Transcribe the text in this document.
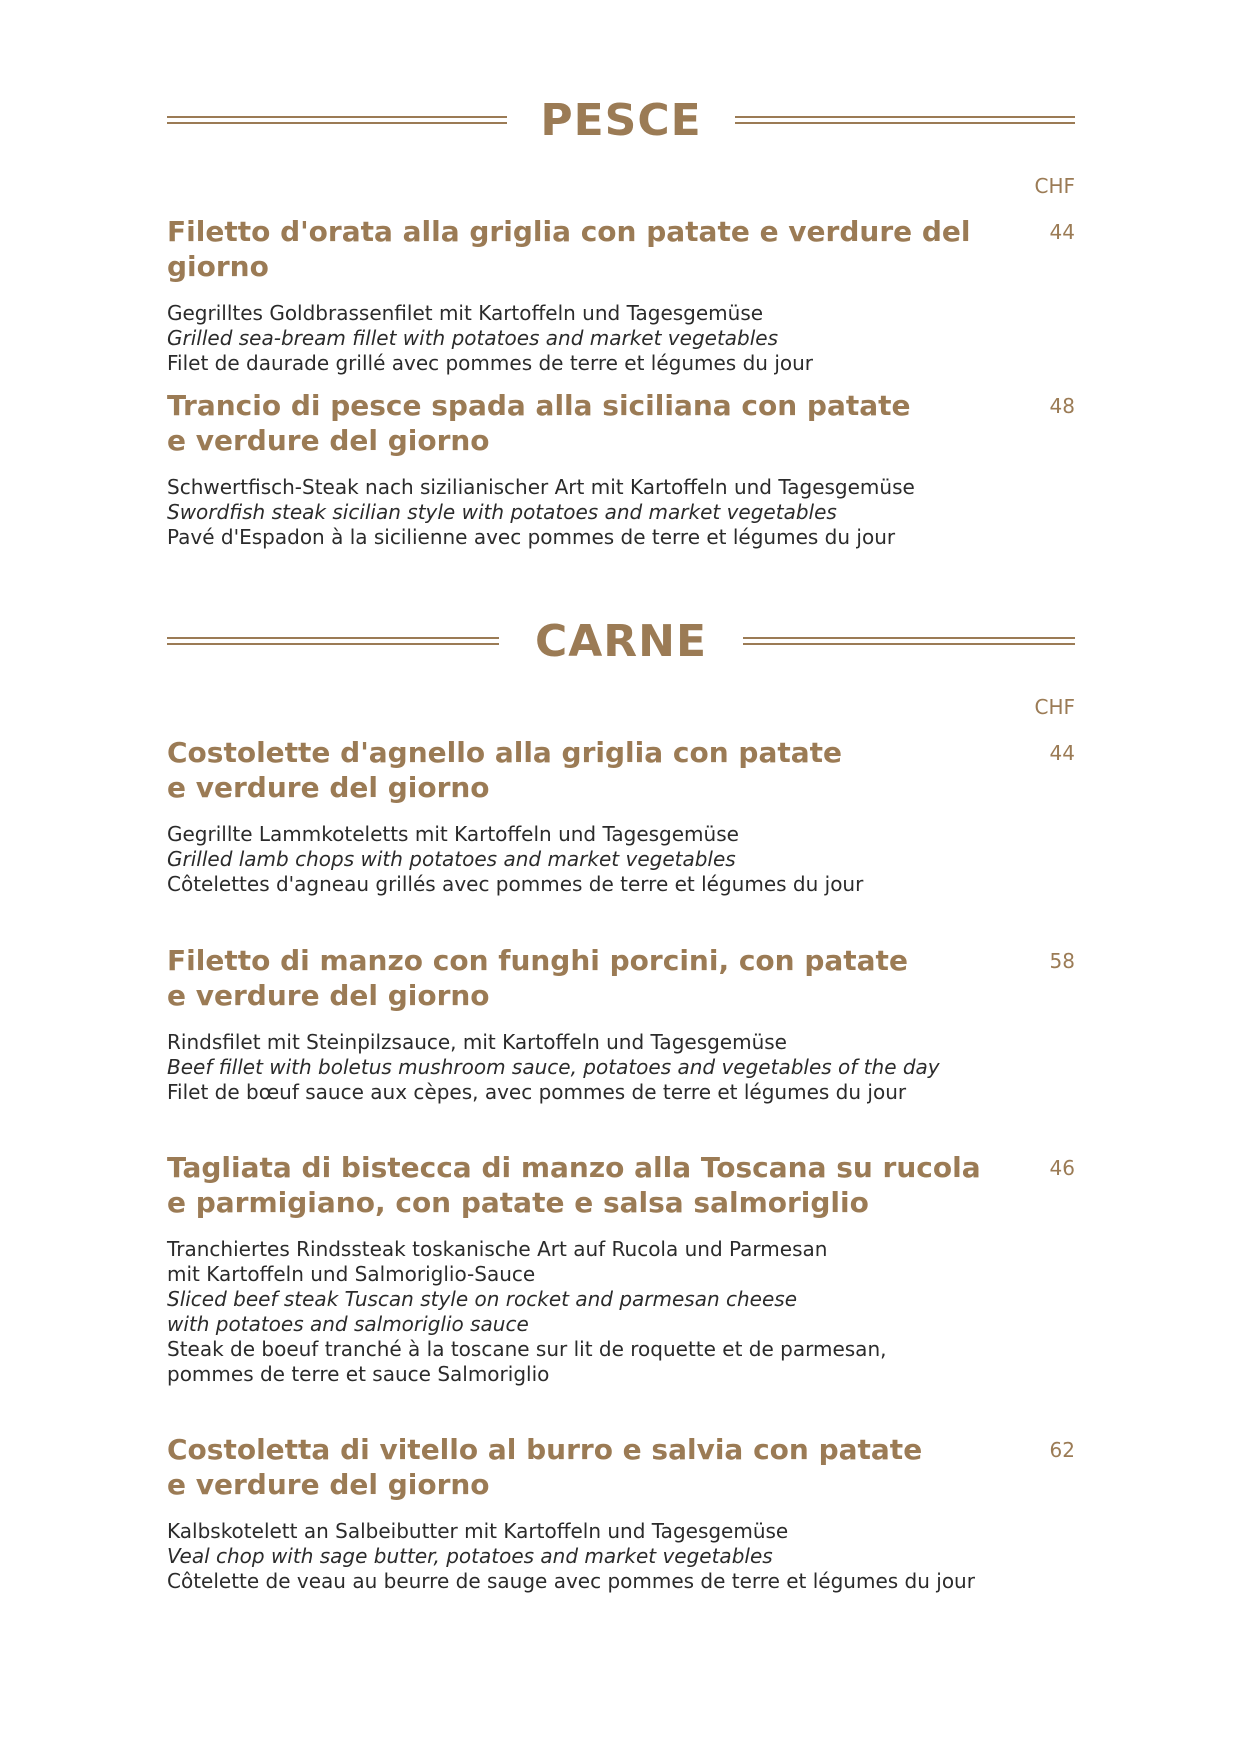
PESCE
CHF
Filetto d'orata alla griglia con patate e verdure del giorno
44
Gegrilltes Goldbrassenfilet mit Kartoffeln und Tagesgemüse
Grilled sea-bream fillet with potatoes and market vegetables
Filet de daurade grillé avec pommes de terre et légumes du jour
Trancio di pesce spada alla siciliana con patate
e verdure del giorno
48
Schwertfisch-Steak nach sizilianischer Art mit Kartoffeln und Tagesgemüse
Swordfish steak sicilian style with potatoes and market vegetables
Pavé d'Espadon à la sicilienne avec pommes de terre et légumes du jour
CARNE
CHF
Costolette d'agnello alla griglia con patate
e verdure del giorno
44
Gegrillte Lammkoteletts mit Kartoffeln und Tagesgemüse
Grilled lamb chops with potatoes and market vegetables
Côtelettes d'agneau grillés avec pommes de terre et légumes du jour
Filetto di manzo con funghi porcini, con patate
e verdure del giorno
58
Rindsfilet mit Steinpilzsauce, mit Kartoffeln und Tagesgemüse
Beef fillet with boletus mushroom sauce, potatoes and vegetables of the day
Filet de bœuf sauce aux cèpes, avec pommes de terre et légumes du jour
Tagliata di bistecca di manzo alla Toscana su rucola
e parmigiano, con patate e salsa salmoriglio
46
Tranchiertes Rindssteak toskanische Art auf Rucola und Parmesan
mit Kartoffeln und Salmoriglio-Sauce
Sliced beef steak Tuscan style on rocket and parmesan cheese
with potatoes and salmoriglio sauce
Steak de boeuf tranché à la toscane sur lit de roquette et de parmesan,
pommes de terre et sauce Salmoriglio
Costoletta di vitello al burro e salvia con patate
e verdure del giorno
62
Kalbskotelett an Salbeibutter mit Kartoffeln und Tagesgemüse
Veal chop with sage butter, potatoes and market vegetables
Côtelette de veau au beurre de sauge avec pommes de terre et légumes du jour
